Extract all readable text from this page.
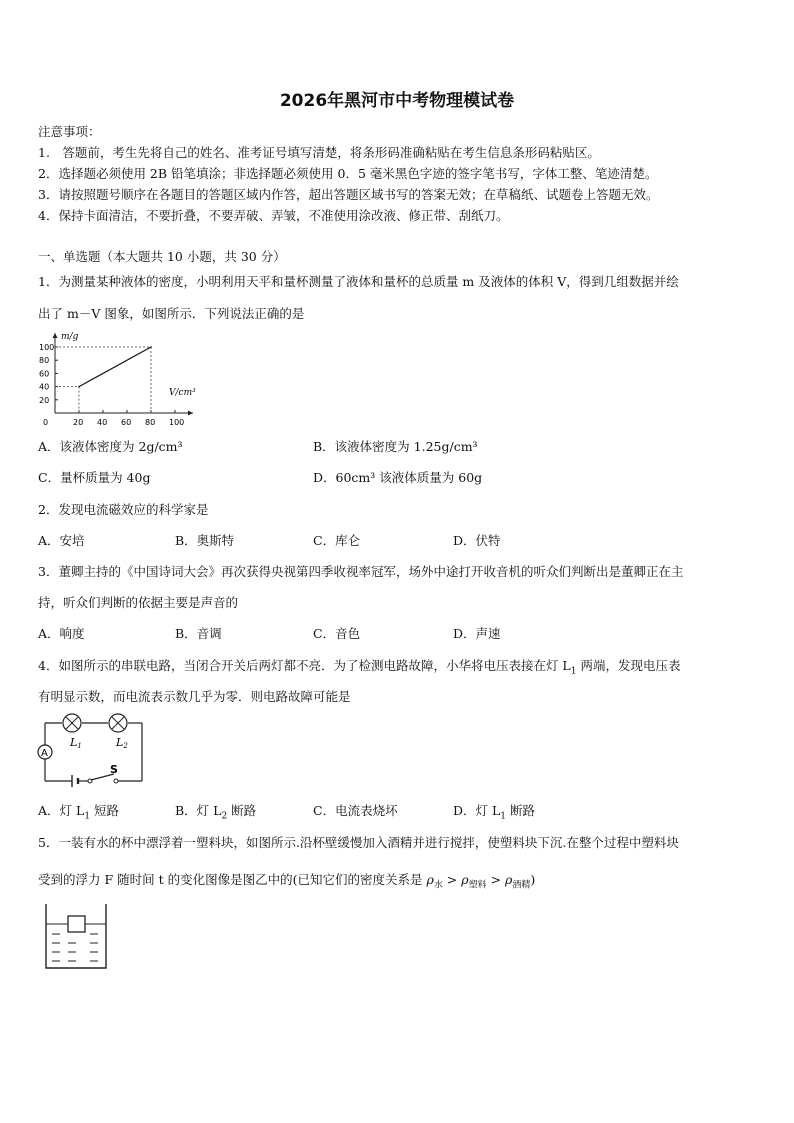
2026年黑河市中考物理模试卷
注意事项：
1.　答题前，考生先将自己的姓名、准考证号填写清楚，将条形码准确粘贴在考生信息条形码粘贴区。
2．选择题必须使用 2B 铅笔填涂；非选择题必须使用 0．5 毫米黑色字迹的签字笔书写，字体工整、笔迹清楚。
3．请按照题号顺序在各题目的答题区域内作答，超出答题区域书写的答案无效；在草稿纸、试题卷上答题无效。
4．保持卡面清洁，不要折叠，不要弄破、弄皱，不准使用涂改液、修正带、刮纸刀。
一、单选题（本大题共 10 小题，共 30 分）
1．为测量某种液体的密度，小明利用天平和量杯测量了液体和量杯的总质量 m 及液体的体积 V，得到几组数据并绘
出了 m－V 图象，如图所示．下列说法正确的是
0	20 40 60 80 100
20
40
60
80
100
m/g
V/cm³
A．该液体密度为 2g/cm³	B．该液体密度为 1.25g/cm³
C．量杯质量为 40g	D．60cm³ 该液体质量为 60g
2．发现电流磁效应的科学家是
A．安培	B．奥斯特	C．库仑	D．伏特
3．董卿主持的《中国诗词大会》再次获得央视第四季收视率冠军，场外中途打开收音机的听众们判断出是董卿正在主
持，听众们判断的依据主要是声音的
A．响度	B．音调	C．音色	D．声速
4．如图所示的串联电路，当闭合开关后两灯都不亮．为了检测电路故障，小华将电压表接在灯 $L_1$ 两端，发现电压表
有明显示数，而电流表示数几乎为零．则电路故障可能是
S
A
L1	L2
A．灯 $L_1$ 短路	B．灯 $L_2$ 断路	C．电流表烧坏	D．灯 $L_1$ 断路
5．一装有水的杯中漂浮着一塑料块，如图所示.沿杯壁缓慢加入酒精并进行搅拌，使塑料块下沉.在整个过程中塑料块
受到的浮力 F 随时间 t 的变化图像是图乙中的(已知它们的密度关系是 $\rho_水 > \rho_{塑料} > \rho_{酒精}$)
